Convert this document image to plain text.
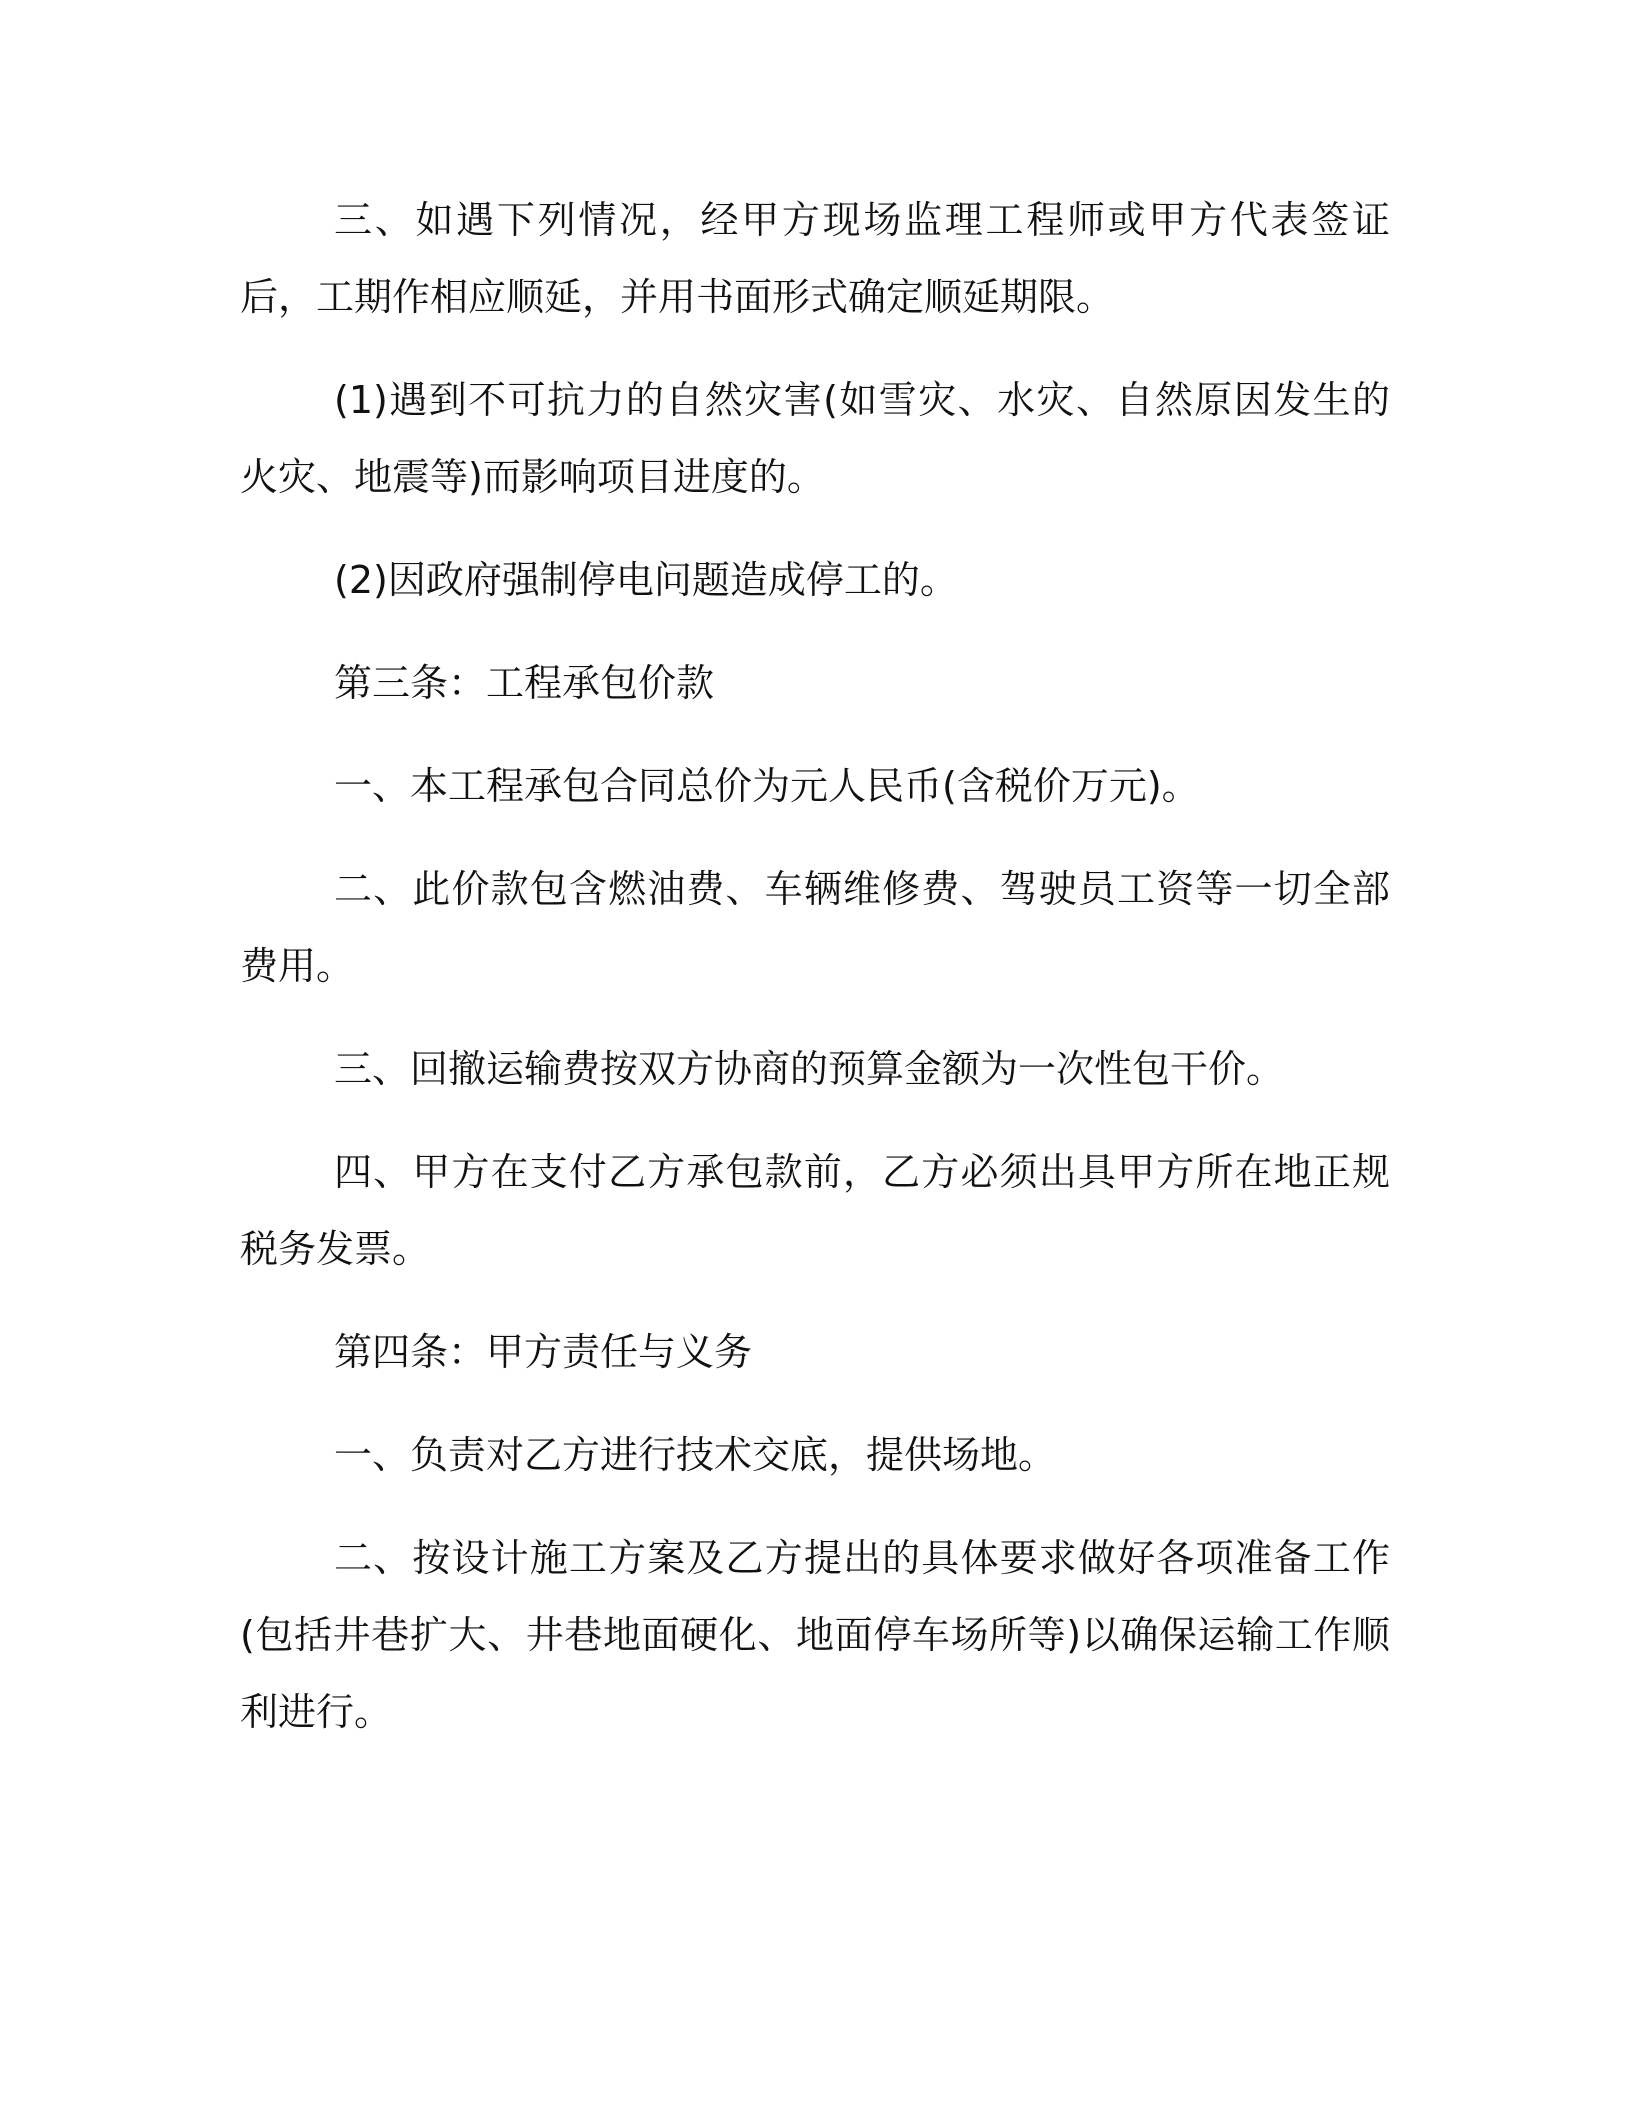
三、如遇下列情况，经甲方现场监理工程师或甲方代表签证后，工期作相应顺延，并用书面形式确定顺延期限。

(1)遇到不可抗力的自然灾害(如雪灾、水灾、自然原因发生的火灾、地震等)而影响项目进度的。

(2)因政府强制停电问题造成停工的。

第三条：工程承包价款

一、本工程承包合同总价为元人民币(含税价万元)。

二、此价款包含燃油费、车辆维修费、驾驶员工资等一切全部费用。

三、回撤运输费按双方协商的预算金额为一次性包干价。

四、甲方在支付乙方承包款前，乙方必须出具甲方所在地正规税务发票。

第四条：甲方责任与义务

一、负责对乙方进行技术交底，提供场地。

二、按设计施工方案及乙方提出的具体要求做好各项准备工作(包括井巷扩大、井巷地面硬化、地面停车场所等)以确保运输工作顺利进行。
